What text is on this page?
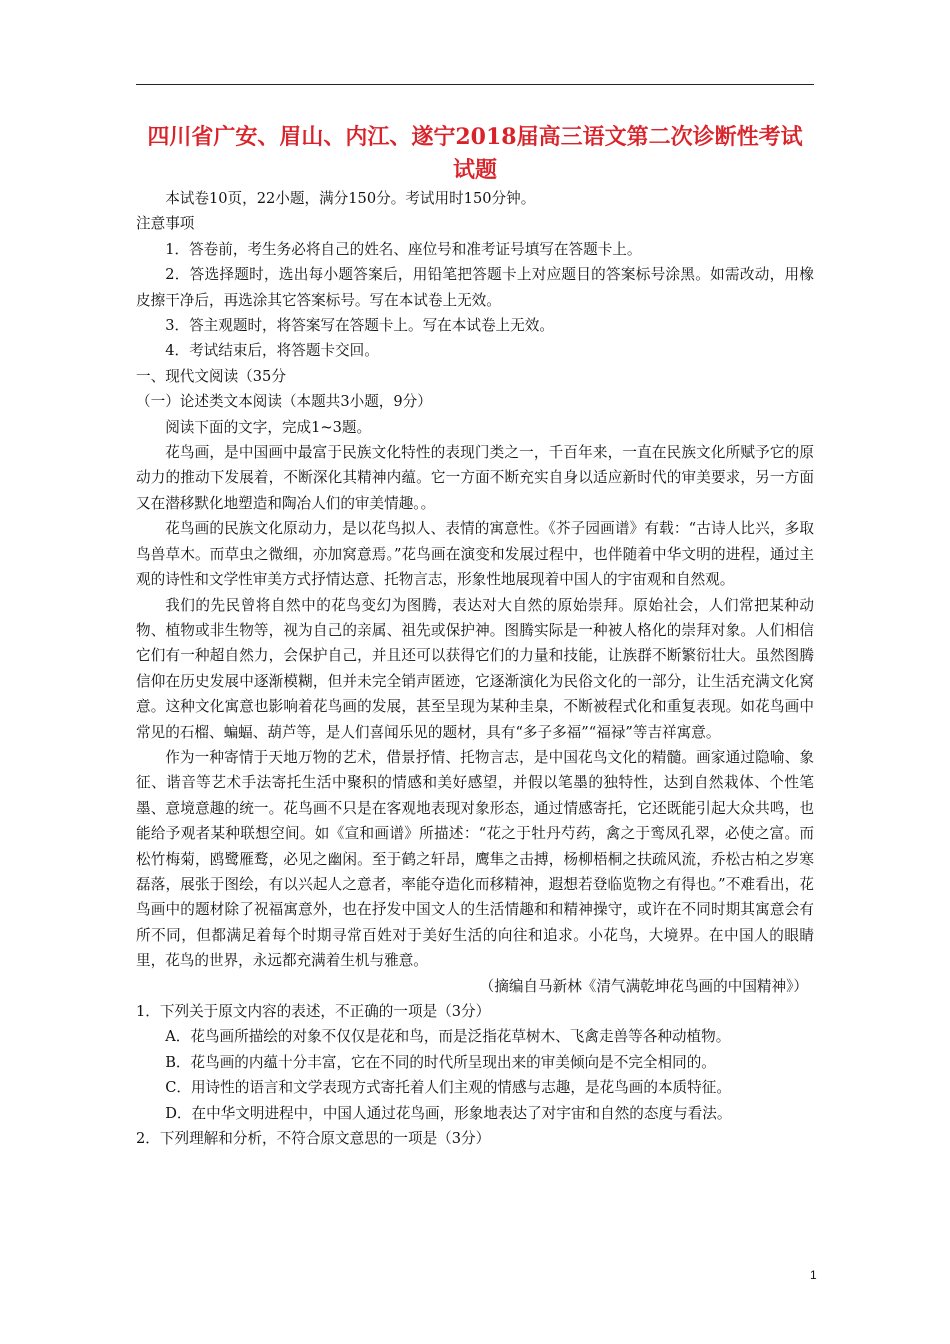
四川省广安、眉山、内江、遂宁2018届高三语文第二次诊断性考试
试题

本试卷10页，22小题，满分150分。考试用时150分钟。

注意事项

1．答卷前，考生务必将自己的姓名、座位号和准考证号填写在答题卡上。

2．答选择题时，选出每小题答案后，用铅笔把答题卡上对应题目的答案标号涂黑。如需改动，用橡皮擦干净后，再选涂其它答案标号。写在本试卷上无效。

3．答主观题时，将答案写在答题卡上。写在本试卷上无效。

4．考试结束后，将答题卡交回。

一、现代文阅读（35分

（一）论述类文本阅读（本题共3小题，9分）

阅读下面的文字，完成1~3题。

花鸟画，是中国画中最富于民族文化特性的表现门类之一，千百年来，一直在民族文化所赋予它的原动力的推动下发展着，不断深化其精神内蕴。它一方面不断充实自身以适应新时代的审美要求，另一方面又在潜移默化地塑造和陶冶人们的审美情趣。。

花鸟画的民族文化原动力，是以花鸟拟人、表情的寓意性。《芥子园画谱》有载：“古诗人比兴，多取鸟兽草木。而草虫之微细，亦加窝意焉。”花鸟画在演变和发展过程中，也伴随着中华文明的进程，通过主观的诗性和文学性审美方式抒情达意、托物言志，形象性地展现着中国人的宇宙观和自然观。

我们的先民曾将自然中的花鸟变幻为图腾，表达对大自然的原始崇拜。原始社会，人们常把某种动物、植物或非生物等，视为自己的亲属、祖先或保护神。图腾实际是一种被人格化的崇拜对象。人们相信它们有一种超自然力，会保护自己，并且还可以获得它们的力量和技能，让族群不断繁衍壮大。虽然图腾信仰在历史发展中逐渐模糊，但并未完全销声匿迹，它逐渐演化为民俗文化的一部分，让生活充满文化窝意。这种文化寓意也影响着花鸟画的发展，甚至呈现为某种圭臬，不断被程式化和重复表现。如花鸟画中常见的石榴、蝙蝠、葫芦等，是人们喜闻乐见的题材，具有“多子多福”“福禄”等吉祥寓意。

作为一种寄情于天地万物的艺术，借景抒情、托物言志，是中国花鸟文化的精髓。画家通过隐喻、象征、谐音等艺术手法寄托生活中聚积的情感和美好感望，并假以笔墨的独特性，达到自然栽体、个性笔墨、意境意趣的统一。花鸟画不只是在客观地表现对象形态，通过情感寄托，它还既能引起大众共鸣，也能给予观者某种联想空间。如《宣和画谱》所描述：“花之于牡丹芍药，禽之于鸾凤孔翠，必使之富。而松竹梅菊，鸥鹭雁鹜，必见之幽闲。至于鹤之轩昂，鹰隼之击搏，杨柳梧桐之扶疏风流，乔松古柏之岁寒磊落，展张于图绘，有以兴起人之意者，率能夺造化而移精神，遐想若登临览物之有得也。”不难看出，花鸟画中的题材除了祝福寓意外，也在抒发中国文人的生活情趣和和精神操守，或许在不同时期其寓意会有所不同，但都满足着每个时期寻常百姓对于美好生活的向往和追求。小花鸟，大境界。在中国人的眼睛里，花鸟的世界，永远都充满着生机与雅意。

（摘编自马新林《清气满乾坤花鸟画的中国精神》）

1．下列关于原文内容的表述，不正确的一项是（3分）

A．花鸟画所描绘的对象不仅仅是花和鸟，而是泛指花草树木、飞禽走兽等各种动植物。

B．花鸟画的内蕴十分丰富，它在不同的时代所呈现出来的审美倾向是不完全相同的。

C．用诗性的语言和文学表现方式寄托着人们主观的情感与志趣，是花鸟画的本质特征。

D．在中华文明进程中，中国人通过花鸟画，形象地表达了对宇宙和自然的态度与看法。

2．下列理解和分析，不符合原文意思的一项是（3分）

1
